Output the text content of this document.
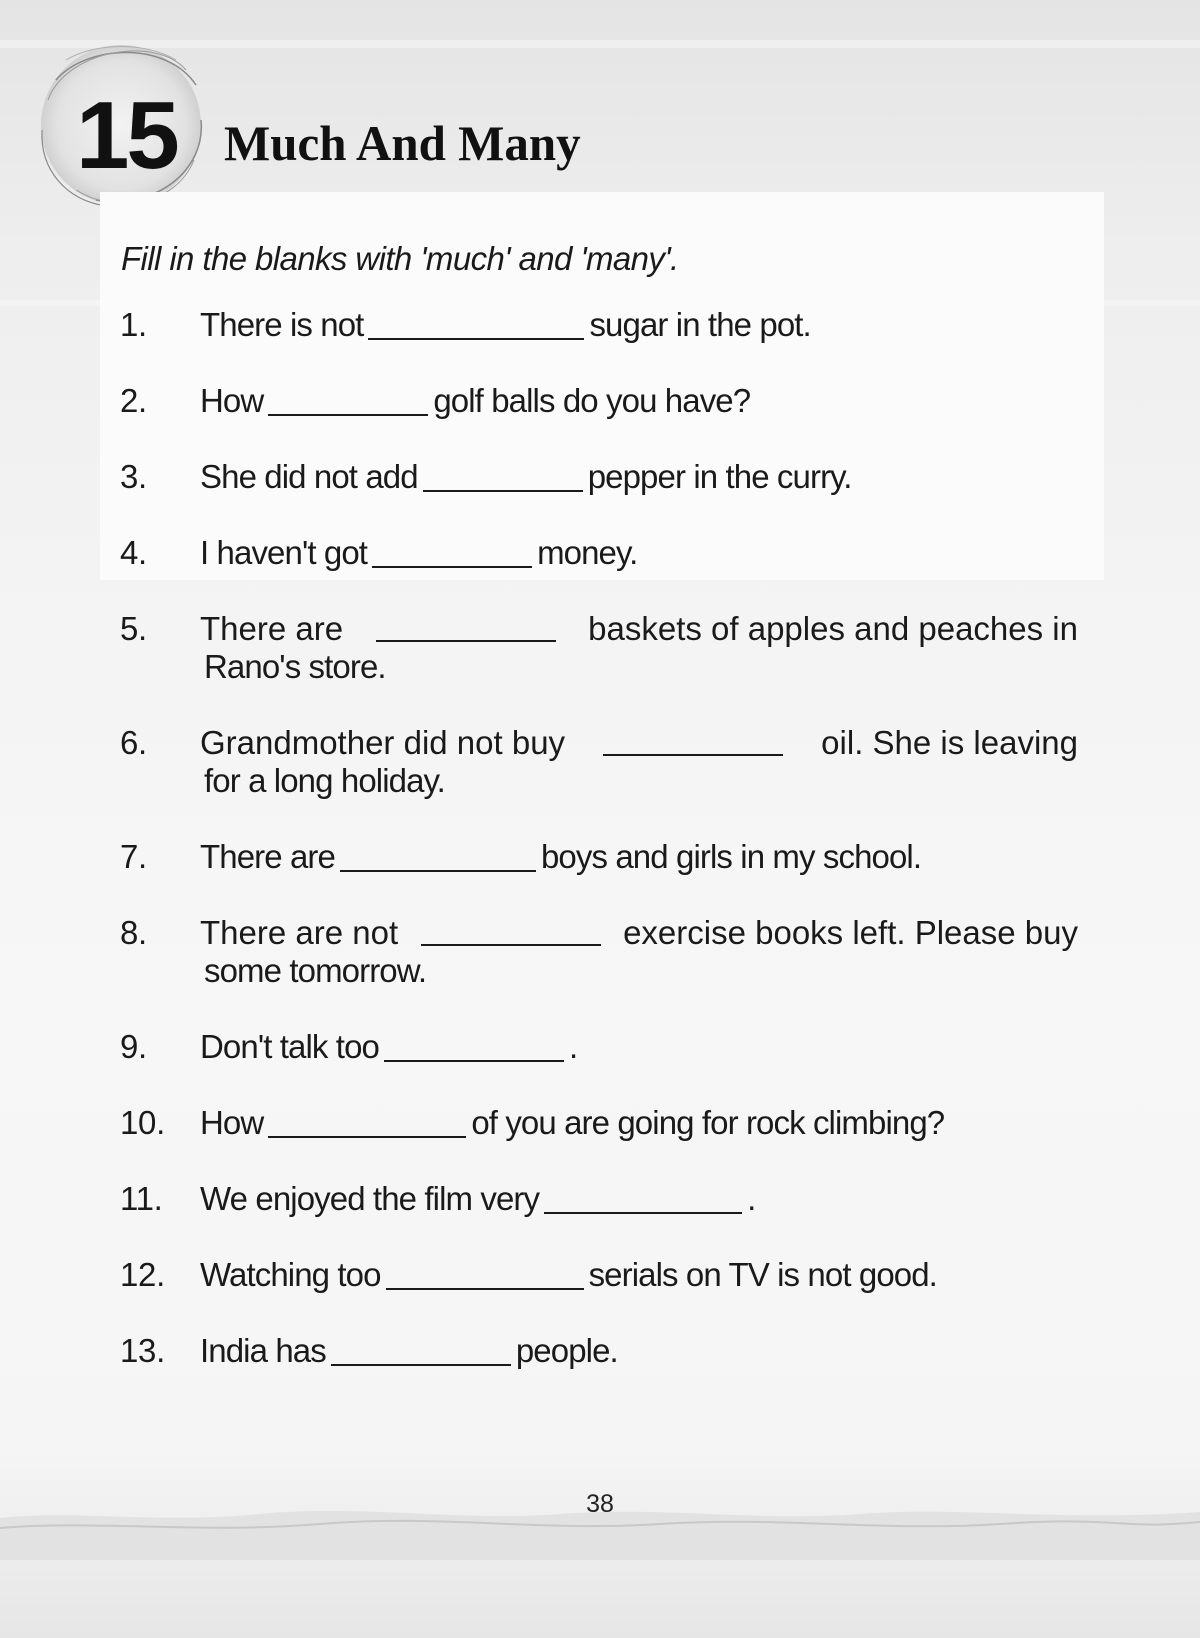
15 Much And Many
Fill in the blanks with 'much' and 'many'.
1. There is not	sugar in the pot.
2. How	golf balls do you have?
3. She did not add	pepper in the curry.
4. I haven't got	money.
5. There are	baskets of apples and peaches in
Rano's store.
6. Grandmother did not buy	oil. She is leaving
for a long holiday.
7. There are	boys and girls in my school.
8. There are not	exercise books left. Please buy
some tomorrow.
9. Don't talk too	.
10. How	of you are going for rock climbing?
11. We enjoyed the film very	.
12. Watching too	serials on TV is not good.
13. India has	people.
38
